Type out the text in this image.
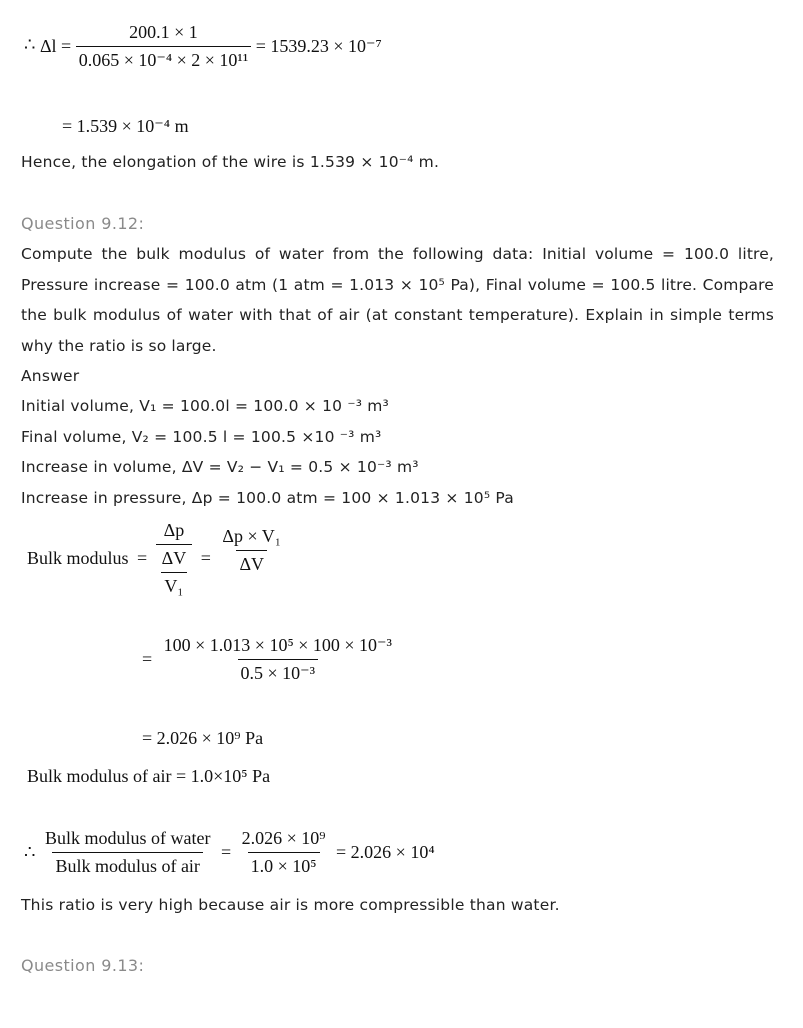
∴ $\Delta l = \frac{200.1 \times 1}{\text{0.065 × 10⁻⁴ × 2 × 10¹¹}} = 1539.23 \times 10^{-7}$
= 1.539 × 10⁻⁴ m
Hence, the elongation of the wire is 1.539 × 10⁻⁴ m.
Question 9.12:
Compute the bulk modulus of water from the following data: Initial volume = 100.0 litre, Pressure increase = 100.0 atm (1 atm = 1.013 × 10⁵ Pa), Final volume = 100.5 litre. Compare the bulk modulus of water with that of air (at constant temperature). Explain in simple terms why the ratio is so large.
Answer
Initial volume, V₁ = 100.0l = 100.0 × 10 ⁻³ m³
Final volume, V₂ = 100.5 l = 100.5 ×10 ⁻³ m³
Increase in volume, ΔV = V₂ − V₁ = 0.5 × 10⁻³ m³
Increase in pressure, Δp = 100.0 atm = 100 × 1.013 × 10⁵ Pa
Bulk modulus = $\frac{\Delta p}{\frac{\Delta V}{\text{V₁}}} = \frac{\text{Δp × V₁}}{\Delta V}$
= $\frac{\text{100 × 1.013 × 10⁵ × 100 × 10⁻³}}{\text{0.5 × 10⁻³}}$
= 2.026 × 10⁹ Pa
Bulk modulus of air = 1.0×10⁵ Pa
∴ $\frac{\text{Bulk modulus of water}}{\text{Bulk modulus of air}} = \frac{\text{2.026 × 10⁹}}{\text{1.0 × 10⁵}} = 2.026 \times 10^4$
This ratio is very high because air is more compressible than water.
Question 9.13:
